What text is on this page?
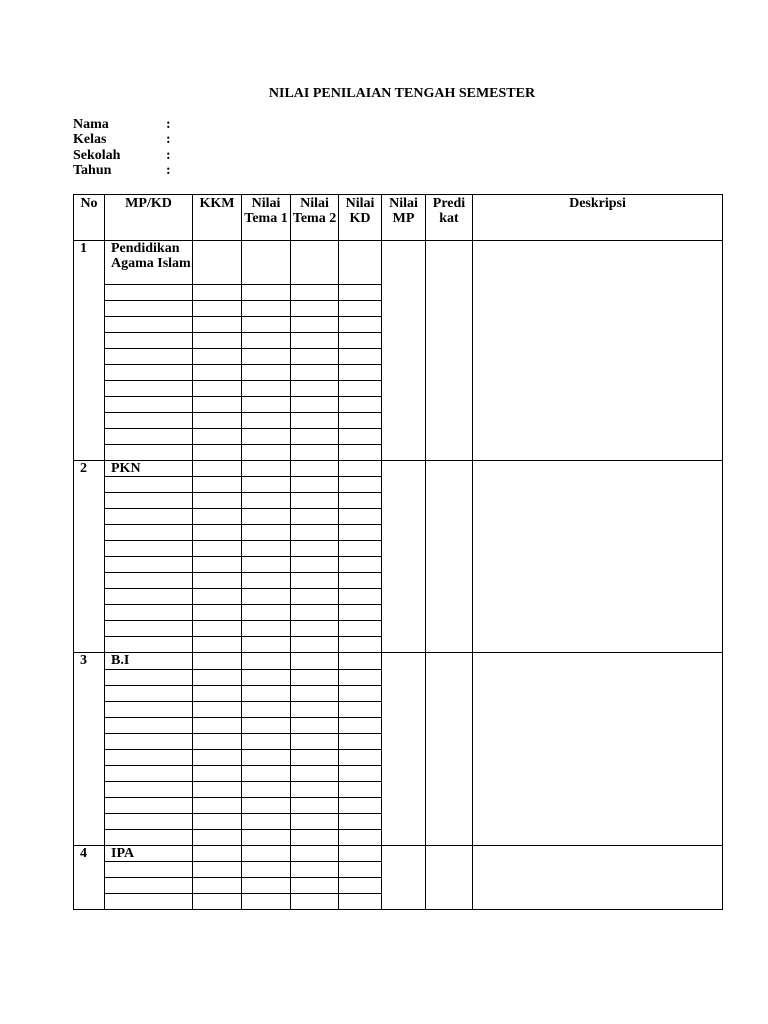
NILAI PENILAIAN TENGAH SEMESTER
Nama	:
Kelas	:
Sekolah	:
Tahun	:
No	MP/KD	KKM	Nilai Tema 1	Nilai Tema 2	Nilai KD	Nilai MP	Predi kat	Deskripsi
1	Pendidikan Agama Islam							

2	PKN							

3	B.I							

4	IPA							
